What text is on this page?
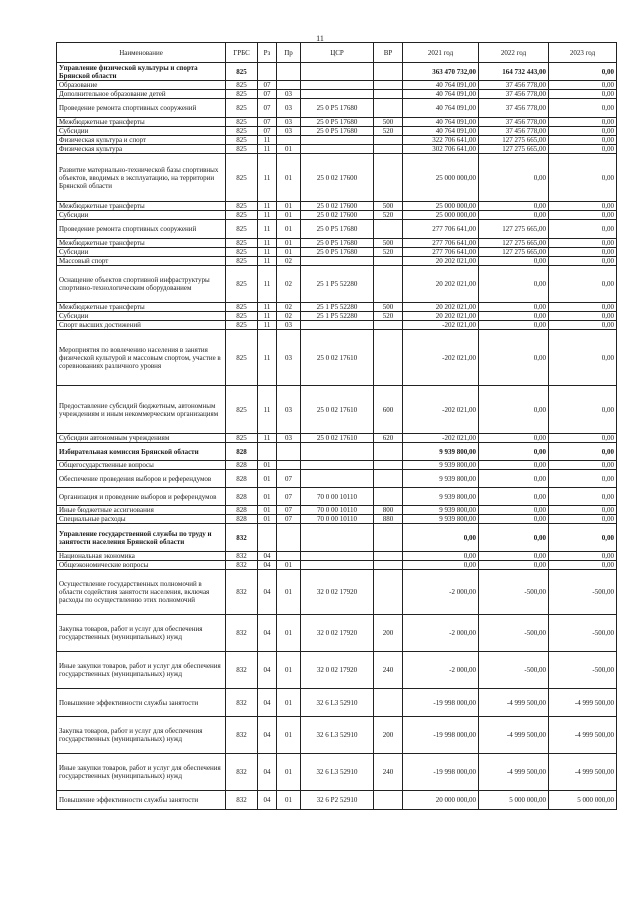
11
Наименование	ГРБС	Рз	Пр	ЦСР	ВР	2021 год	2022 год	2023 год
Управление физической культуры и спорта Брянской области	825					363 470 732,00	164 732 443,00	0,00
Образование	825	07				40 764 091,00	37 456 778,00	0,00
Дополнительное образование детей	825	07	03			40 764 091,00	37 456 778,00	0,00
Проведение ремонта спортивных сооружений	825	07	03	25 0 P5 17680		40 764 091,00	37 456 778,00	0,00
Межбюджетные трансферты	825	07	03	25 0 P5 17680	500	40 764 091,00	37 456 778,00	0,00
Субсидии	825	07	03	25 0 P5 17680	520	40 764 091,00	37 456 778,00	0,00
Физическая культура и спорт	825	11				322 706 641,00	127 275 665,00	0,00
Физическая культура	825	11	01			302 706 641,00	127 275 665,00	0,00
Развитие материально-технической базы спортивных объектов, вводимых в эксплуатацию, на территории Брянской области	825	11	01	25 0 02 17600		25 000 000,00	0,00	0,00
Межбюджетные трансферты	825	11	01	25 0 02 17600	500	25 000 000,00	0,00	0,00
Субсидии	825	11	01	25 0 02 17600	520	25 000 000,00	0,00	0,00
Проведение ремонта спортивных сооружений	825	11	01	25 0 P5 17680		277 706 641,00	127 275 665,00	0,00
Межбюджетные трансферты	825	11	01	25 0 P5 17680	500	277 706 641,00	127 275 665,00	0,00
Субсидии	825	11	01	25 0 P5 17680	520	277 706 641,00	127 275 665,00	0,00
Массовый спорт	825	11	02			20 202 021,00	0,00	0,00
Оснащение объектов спортивной инфраструктуры спортивно-технологическим оборудованием	825	11	02	25 1 P5 52280		20 202 021,00	0,00	0,00
Межбюджетные трансферты	825	11	02	25 1 P5 52280	500	20 202 021,00	0,00	0,00
Субсидии	825	11	02	25 1 P5 52280	520	20 202 021,00	0,00	0,00
Спорт высших достижений	825	11	03			-202 021,00	0,00	0,00
Мероприятия по вовлечению населения в занятия физической культурой и массовым спортом, участие в соревнованиях различного уровня	825	11	03	25 0 02 17610		-202 021,00	0,00	0,00
Предоставление субсидий бюджетным, автономным учреждениям и иным некоммерческим организациям	825	11	03	25 0 02 17610	600	-202 021,00	0,00	0,00
Субсидии автономным учреждениям	825	11	03	25 0 02 17610	620	-202 021,00	0,00	0,00
Избирательная комиссия Брянской области	828					9 939 800,00	0,00	0,00
Общегосударственные вопросы	828	01				9 939 800,00	0,00	0,00
Обеспечение проведения выборов и референдумов	828	01	07			9 939 800,00	0,00	0,00
Организация и проведение выборов и референдумов	828	01	07	70 0 00 10110		9 939 800,00	0,00	0,00
Иные бюджетные ассигнования	828	01	07	70 0 00 10110	800	9 939 800,00	0,00	0,00
Специальные расходы	828	01	07	70 0 00 10110	880	9 939 800,00	0,00	0,00
Управление государственной службы по труду и занятости населения Брянской области	832					0,00	0,00	0,00
Национальная экономика	832	04				0,00	0,00	0,00
Общеэкономические вопросы	832	04	01			0,00	0,00	0,00
Осуществление государственных полномочий в области содействия занятости населения, включая расходы по осуществлению этих полномочий	832	04	01	32 0 02 17920		-2 000,00	-500,00	-500,00
Закупка товаров, работ и услуг для обеспечения государственных (муниципальных) нужд	832	04	01	32 0 02 17920	200	-2 000,00	-500,00	-500,00
Иные закупки товаров, работ и услуг для обеспечения государственных (муниципальных) нужд	832	04	01	32 0 02 17920	240	-2 000,00	-500,00	-500,00
Повышение эффективности службы занятости	832	04	01	32 6 L3 52910		-19 998 000,00	-4 999 500,00	-4 999 500,00
Закупка товаров, работ и услуг для обеспечения государственных (муниципальных) нужд	832	04	01	32 6 L3 52910	200	-19 998 000,00	-4 999 500,00	-4 999 500,00
Иные закупки товаров, работ и услуг для обеспечения государственных (муниципальных) нужд	832	04	01	32 6 L3 52910	240	-19 998 000,00	-4 999 500,00	-4 999 500,00
Повышение эффективности службы занятости	832	04	01	32 6 P2 52910		20 000 000,00	5 000 000,00	5 000 000,00
